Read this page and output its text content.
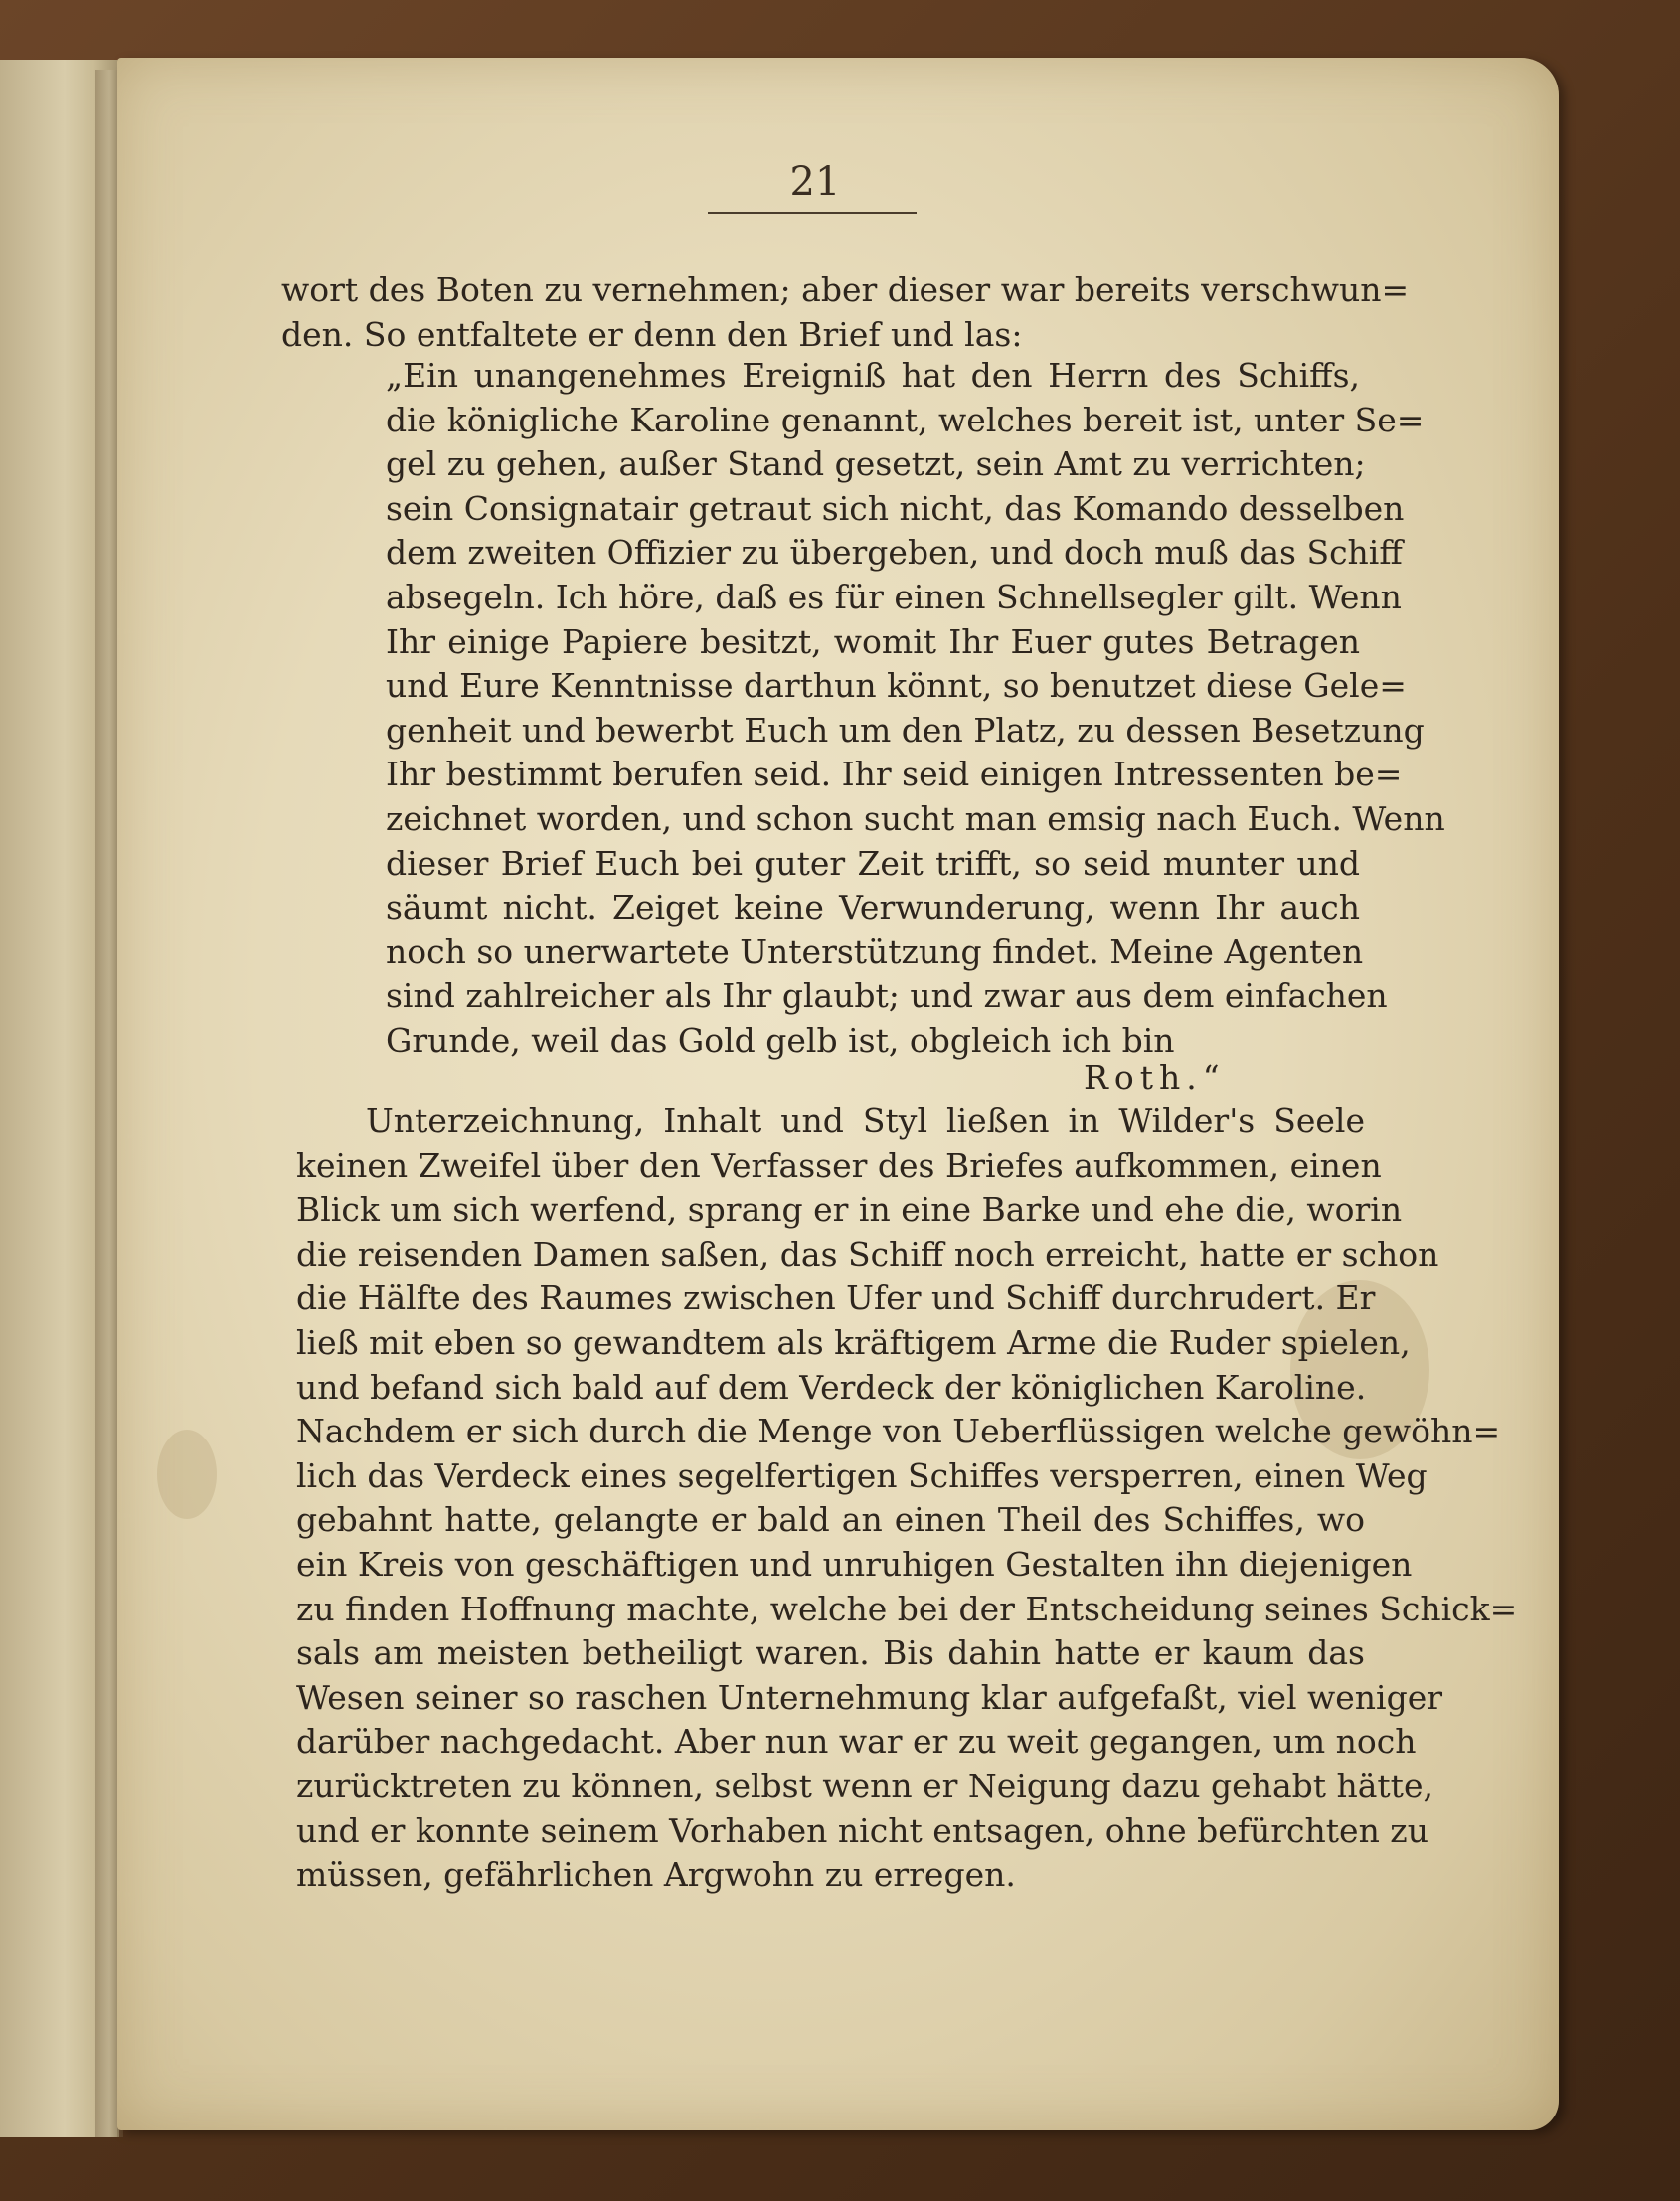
21
wort des Boten zu vernehmen; aber dieser war bereits verschwun=
den. So entfaltete er denn den Brief und las:
„Ein unangenehmes Ereigniß hat den Herrn des Schiffs,
die königliche Karoline genannt, welches bereit ist, unter Se=
gel zu gehen, außer Stand gesetzt, sein Amt zu verrichten;
sein Consignatair getraut sich nicht, das Komando desselben
dem zweiten Offizier zu übergeben, und doch muß das Schiff
absegeln. Ich höre, daß es für einen Schnellsegler gilt. Wenn
Ihr einige Papiere besitzt, womit Ihr Euer gutes Betragen
und Eure Kenntnisse darthun könnt, so benutzet diese Gele=
genheit und bewerbt Euch um den Platz, zu dessen Besetzung
Ihr bestimmt berufen seid. Ihr seid einigen Intressenten be=
zeichnet worden, und schon sucht man emsig nach Euch. Wenn
dieser Brief Euch bei guter Zeit trifft, so seid munter und
säumt nicht. Zeiget keine Verwunderung, wenn Ihr auch
noch so unerwartete Unterstützung findet. Meine Agenten
sind zahlreicher als Ihr glaubt; und zwar aus dem einfachen
Grunde, weil das Gold gelb ist, obgleich ich bin
Roth.“
Unterzeichnung, Inhalt und Styl ließen in Wilder's Seele
keinen Zweifel über den Verfasser des Briefes aufkommen, einen
Blick um sich werfend, sprang er in eine Barke und ehe die, worin
die reisenden Damen saßen, das Schiff noch erreicht, hatte er schon
die Hälfte des Raumes zwischen Ufer und Schiff durchrudert. Er
ließ mit eben so gewandtem als kräftigem Arme die Ruder spielen,
und befand sich bald auf dem Verdeck der königlichen Karoline.
Nachdem er sich durch die Menge von Ueberflüssigen welche gewöhn=
lich das Verdeck eines segelfertigen Schiffes versperren, einen Weg
gebahnt hatte, gelangte er bald an einen Theil des Schiffes, wo
ein Kreis von geschäftigen und unruhigen Gestalten ihn diejenigen
zu finden Hoffnung machte, welche bei der Entscheidung seines Schick=
sals am meisten betheiligt waren. Bis dahin hatte er kaum das
Wesen seiner so raschen Unternehmung klar aufgefaßt, viel weniger
darüber nachgedacht. Aber nun war er zu weit gegangen, um noch
zurücktreten zu können, selbst wenn er Neigung dazu gehabt hätte,
und er konnte seinem Vorhaben nicht entsagen, ohne befürchten zu
müssen, gefährlichen Argwohn zu erregen.
